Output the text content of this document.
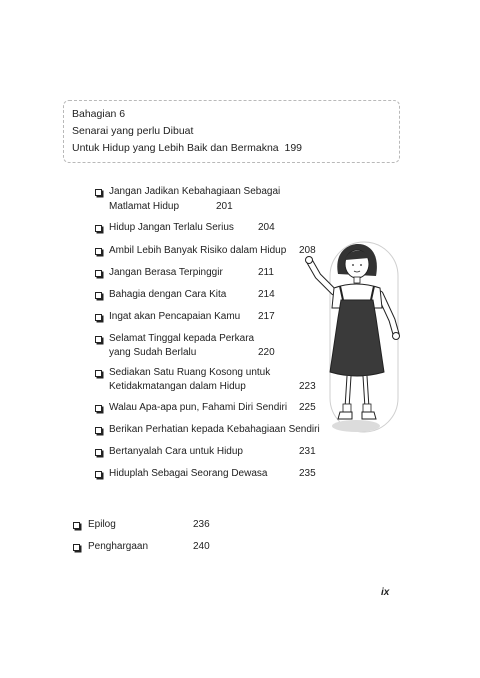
Bahagian 6
Senarai yang perlu Dibuat
Untuk Hidup yang Lebih Baik dan Bermakna 199
Jangan Jadikan Kebahagiaan Sebagai
Matlamat Hidup	201
Hidup Jangan Terlalu Serius 204
Ambil Lebih Banyak Risiko dalam Hidup 208
Jangan Berasa Terpinggir	211
Bahagia dengan Cara Kita	214
Ingat akan Pencapaian Kamu 217
Selamat Tinggal kepada Perkara
yang Sudah Berlalu	220
Sediakan Satu Ruang Kosong untuk
Ketidakmatangan dalam Hidup	223
Walau Apa-apa pun, Fahami Diri Sendiri 225
Berikan Perhatian kepada Kebahagiaan Sendiri
Bertanyalah Cara untuk Hidup	231
Hiduplah Sebagai Seorang Dewasa	235
Epilog	236
Penghargaan	240
ix
